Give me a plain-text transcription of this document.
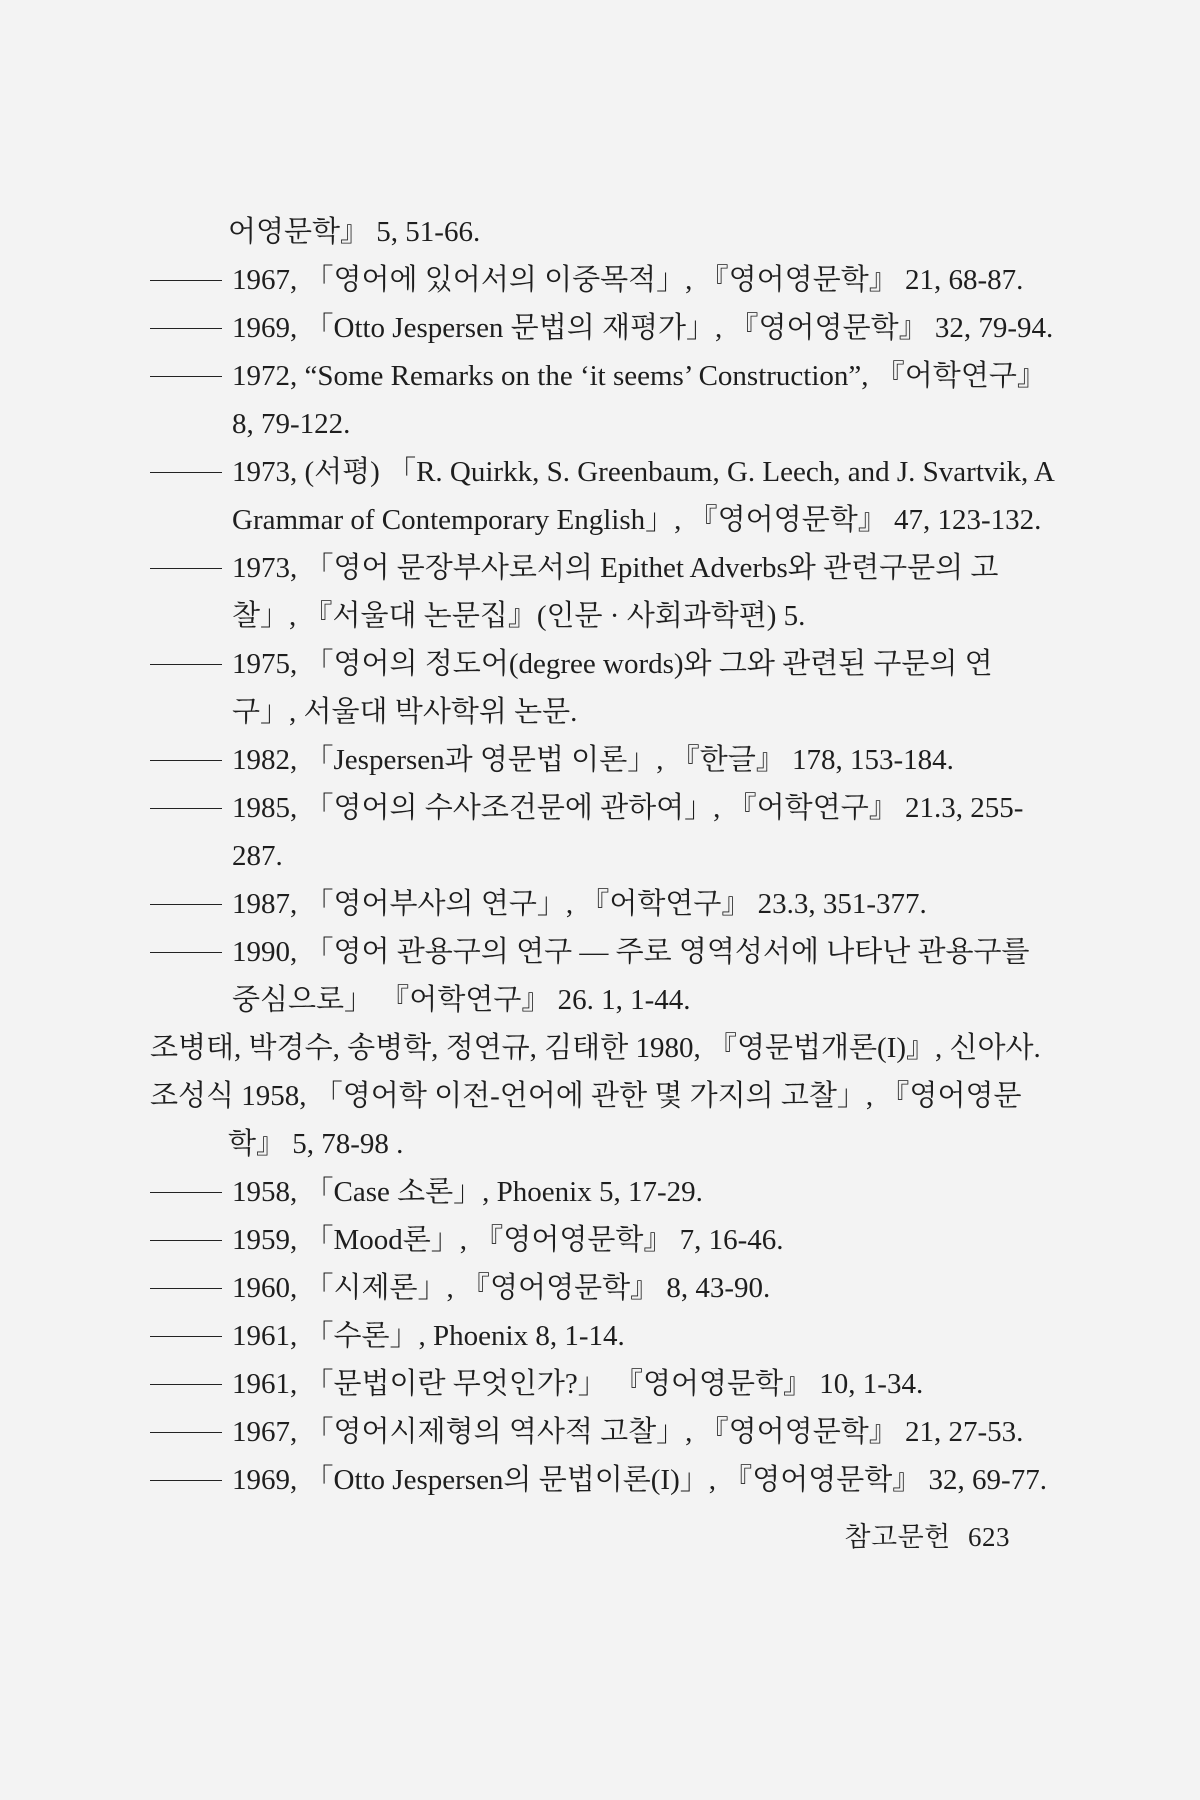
어영문학』 5, 51-66.
1967, 「영어에 있어서의 이중목적」, 『영어영문학』 21, 68-87.
1969, 「Otto Jespersen 문법의 재평가」, 『영어영문학』 32, 79-94.
1972, “Some Remarks on the ‘it seems’ Construction”, 『어학연구』 8, 79-122.
1973, (서평) 「R. Quirkk, S. Greenbaum, G. Leech, and J. Svartvik, A Grammar of Contemporary English」, 『영어영문학』 47, 123-132.
1973, 「영어 문장부사로서의 Epithet Adverbs와 관련구문의 고찰」, 『서울대 논문집』(인문 · 사회과학편) 5.
1975, 「영어의 정도어(degree words)와 그와 관련된 구문의 연구」, 서울대 박사학위 논문.
1982, 「Jespersen과 영문법 이론」, 『한글』 178, 153-184.
1985, 「영어의 수사조건문에 관하여」, 『어학연구』 21.3, 255-287.
1987, 「영어부사의 연구」, 『어학연구』 23.3, 351-377.
1990, 「영어 관용구의 연구 — 주로 영역성서에 나타난 관용구를 중심으로」 『어학연구』 26. 1, 1-44.
조병태, 박경수, 송병학, 정연규, 김태한 1980, 『영문법개론(I)』, 신아사.
조성식 1958, 「영어학 이전-언어에 관한 몇 가지의 고찰」, 『영어영문학』 5, 78-98 .
1958, 「Case 소론」, Phoenix 5, 17-29.
1959, 「Mood론」, 『영어영문학』 7, 16-46.
1960, 「시제론」, 『영어영문학』 8, 43-90.
1961, 「수론」, Phoenix 8, 1-14.
1961, 「문법이란 무엇인가?」 『영어영문학』 10, 1-34.
1967, 「영어시제형의 역사적 고찰」, 『영어영문학』 21, 27-53.
1969, 「Otto Jespersen의 문법이론(I)」, 『영어영문학』 32, 69-77.
참고문헌 623
